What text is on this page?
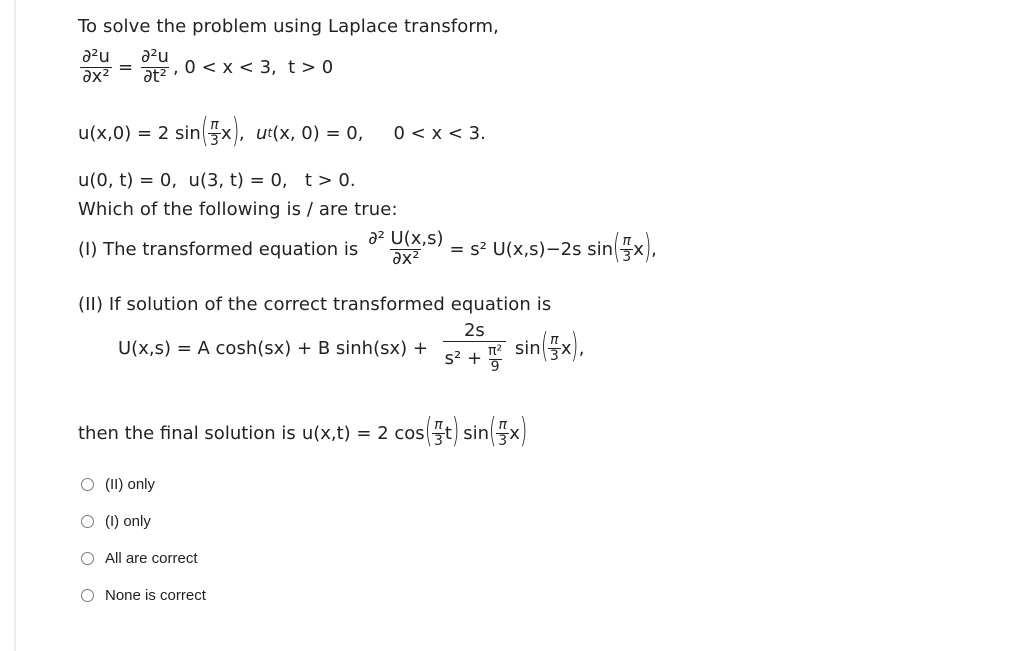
To solve the problem using Laplace transform,
$\frac{\text{∂²u}}{\text{∂x²}} = \frac{\text{∂²u}}{\text{∂t²}}$ , 0 < x < 3,  t > 0
u(x,0) = 2 sin ( $\frac{\pi}{3}$ x ) , u t (x, 0) = 0, 0 < x < 3.
u(0, t) = 0,  u(3, t) = 0,   t > 0.
Which of the following is / are true:
(I) The transformed equation is $\frac{\text{∂² U(x,s)}}{\text{∂x²}} = s^2$ U(x,s)−2s sin ( $\frac{\pi}{3}$ x ) ,
(II) If solution of the correct transformed equation is
U(x,s) = A cosh(sx) + B $\sinh(sx) + \frac{2s}{s^2 + \frac{\text{π²}}{9}}$ sin ( $\frac{\pi}{3}$ x ) ,
then the final solution is u(x,t) = 2 cos ( $\frac{\pi}{3}$ t ) sin ( $\frac{\pi}{3}$ x )
(II) only
(I) only
All are correct
None is correct
